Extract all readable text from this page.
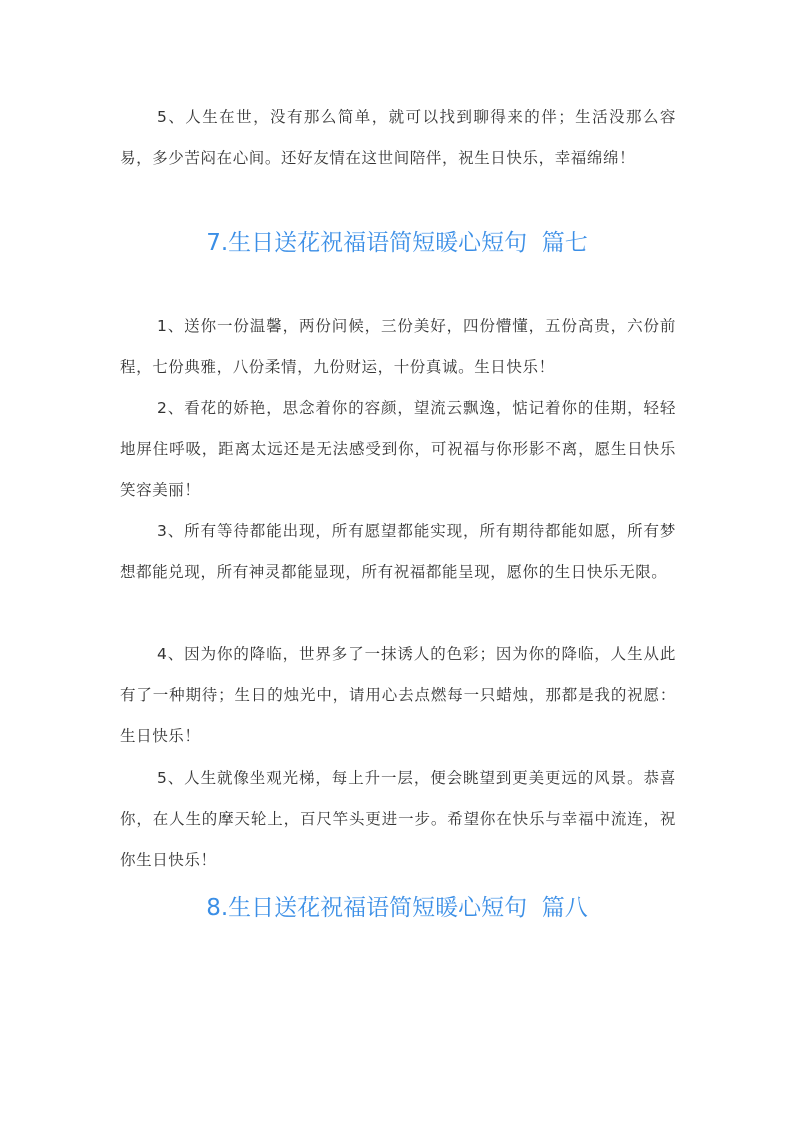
5、人生在世，没有那么简单，就可以找到聊得来的伴；生活没那么容易，多少苦闷在心间。还好友情在这世间陪伴，祝生日快乐，幸福绵绵！

7.生日送花祝福语简短暖心短句  篇七

1、送你一份温馨，两份问候，三份美好，四份懵懂，五份高贵，六份前程，七份典雅，八份柔情，九份财运，十份真诚。生日快乐！

2、看花的娇艳，思念着你的容颜，望流云飘逸，惦记着你的佳期，轻轻地屏住呼吸，距离太远还是无法感受到你，可祝福与你形影不离，愿生日快乐笑容美丽！

3、所有等待都能出现，所有愿望都能实现，所有期待都能如愿，所有梦想都能兑现，所有神灵都能显现，所有祝福都能呈现，愿你的生日快乐无限。

4、因为你的降临，世界多了一抹诱人的色彩；因为你的降临，人生从此有了一种期待；生日的烛光中，请用心去点燃每一只蜡烛，那都是我的祝愿：生日快乐！

5、人生就像坐观光梯，每上升一层，便会眺望到更美更远的风景。恭喜你，在人生的摩天轮上，百尺竿头更进一步。希望你在快乐与幸福中流连，祝你生日快乐！

8.生日送花祝福语简短暖心短句  篇八
